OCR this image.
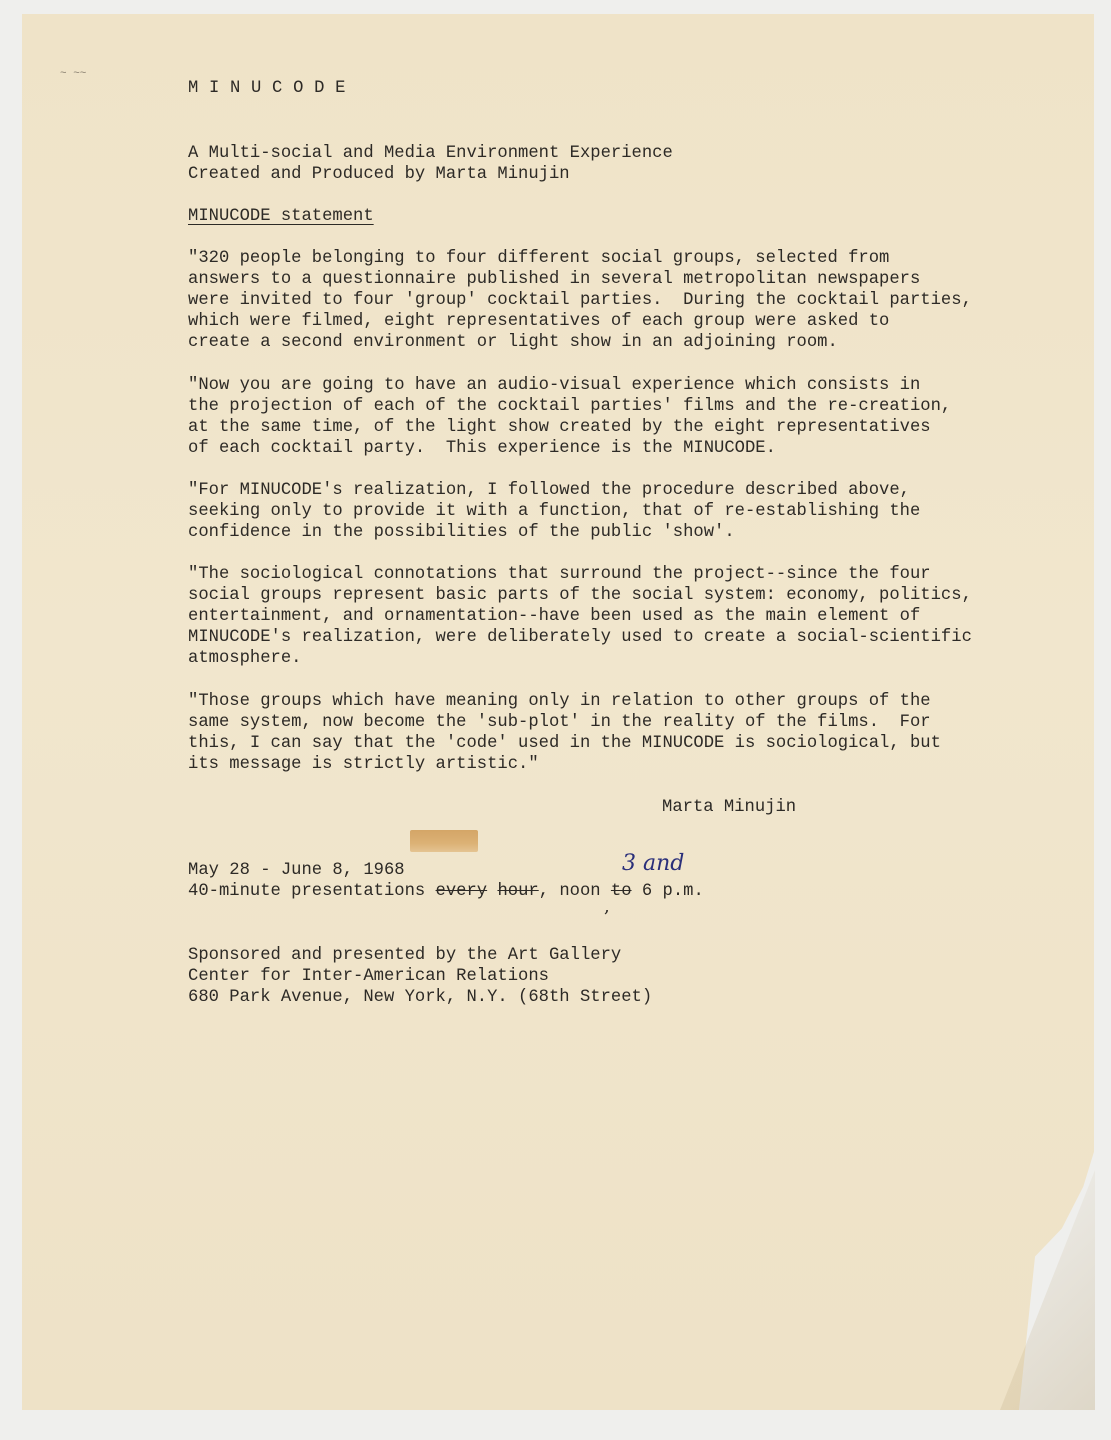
~ ~~

MINUCODE

A Multi-social and Media Environment Experience
Created and Produced by Marta Minujin

MINUCODE statement

"320 people belonging to four different social groups, selected from
answers to a questionnaire published in several metropolitan newspapers
were invited to four 'group' cocktail parties.  During the cocktail parties,
which were filmed, eight representatives of each group were asked to
create a second environment or light show in an adjoining room.

"Now you are going to have an audio-visual experience which consists in
the projection of each of the cocktail parties' films and the re-creation,
at the same time, of the light show created by the eight representatives
of each cocktail party.  This experience is the MINUCODE.

"For MINUCODE's realization, I followed the procedure described above,
seeking only to provide it with a function, that of re-establishing the
confidence in the possibilities of the public 'show'.

"The sociological connotations that surround the project--since the four
social groups represent basic parts of the social system: economy, politics,
entertainment, and ornamentation--have been used as the main element of
MINUCODE's realization, were deliberately used to create a social-scientific
atmosphere.

"Those groups which have meaning only in relation to other groups of the
same system, now become the 'sub-plot' in the reality of the films.  For
this, I can say that the 'code' used in the MINUCODE is sociological, but
its message is strictly artistic."

Marta Minujin

May 28 - June 8, 1968
40-minute presentations every hour, noon to 6 p.m.
3 and
,
Sponsored and presented by the Art Gallery
Center for Inter-American Relations
680 Park Avenue, New York, N.Y. (68th Street)
